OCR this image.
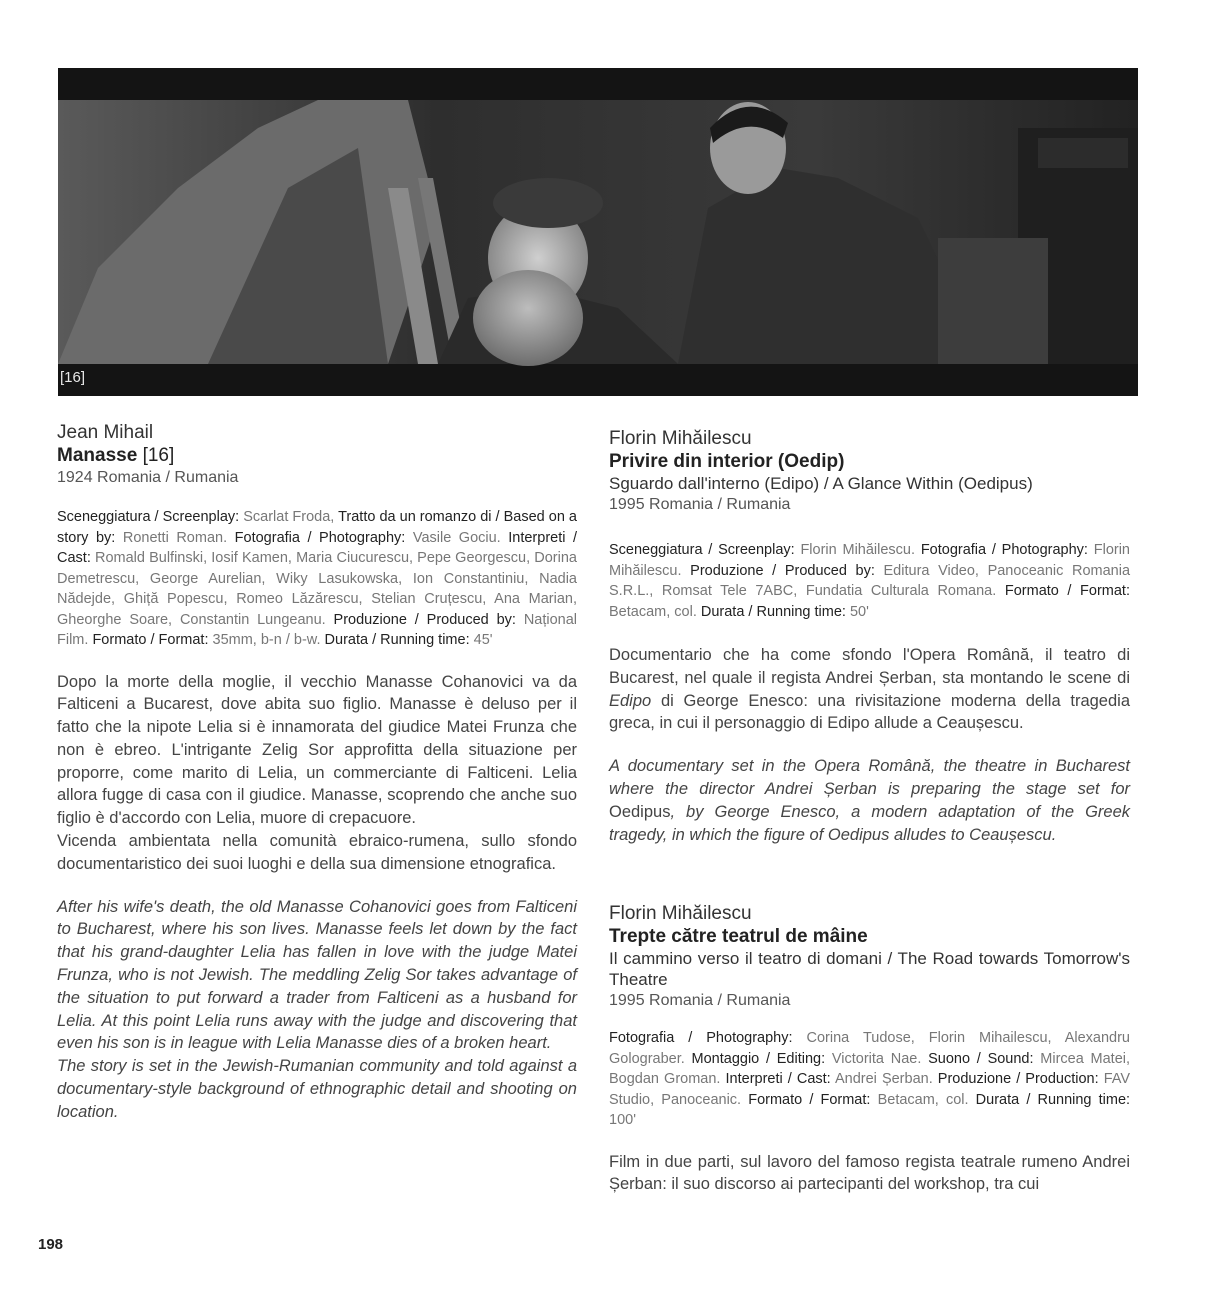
[16]
Jean Mihail
Manasse [16]
1924 Romania / Rumania
Sceneggiatura / Screenplay: Scarlat Froda, Tratto da un romanzo di / Based on a story by: Ronetti Roman. Fotografia / Photography: Vasile Gociu. Interpreti / Cast: Romald Bulfinski, Iosif Kamen, Maria Ciucurescu, Pepe Georgescu, Dorina Demetrescu, George Aurelian, Wiky Lasukowska, Ion Constantiniu, Nadia Nădejde, Ghiță Popescu, Romeo Lăzărescu, Stelian Cruțescu, Ana Marian, Gheorghe Soare, Constantin Lungeanu. Produzione / Produced by: Național Film. Formato / Format: 35mm, b-n / b-w. Durata / Running time: 45'

Dopo la morte della moglie, il vecchio Manasse Cohanovici va da Falticeni a Bucarest, dove abita suo figlio. Manasse è deluso per il fatto che la nipote Lelia si è innamorata del giudice Matei Frunza che non è ebreo. L'intrigante Zelig Sor approfitta della situazione per proporre, come marito di Lelia, un commerciante di Falticeni. Lelia allora fugge di casa con il giudice. Manasse, scoprendo che anche suo figlio è d'accordo con Lelia, muore di crepacuore.

Vicenda ambientata nella comunità ebraico-rumena, sullo sfondo documentaristico dei suoi luoghi e della sua dimensione etnografica.

After his wife's death, the old Manasse Cohanovici goes from Falticeni to Bucharest, where his son lives. Manasse feels let down by the fact that his grand-daughter Lelia has fallen in love with the judge Matei Frunza, who is not Jewish. The meddling Zelig Sor takes advantage of the situation to put forward a trader from Falticeni as a husband for Lelia. At this point Lelia runs away with the judge and discovering that even his son is in league with Lelia Manasse dies of a broken heart.

The story is set in the Jewish-Rumanian community and told against a documentary-style background of ethnographic detail and shooting on location.

Florin Mihăilescu
Privire din interior (Oedip)
Sguardo dall'interno (Edipo) / A Glance Within (Oedipus)
1995 Romania / Rumania
Sceneggiatura / Screenplay: Florin Mihăilescu. Fotografia / Photography: Florin Mihăilescu. Produzione / Produced by: Editura Video, Panoceanic Romania S.R.L., Romsat Tele 7ABC, Fundatia Culturala Romana. Formato / Format: Betacam, col. Durata / Running time: 50'

Documentario che ha come sfondo l'Opera Română, il teatro di Bucarest, nel quale il regista Andrei Șerban, sta montando le scene di Edipo di George Enesco: una rivisitazione moderna della tragedia greca, in cui il personaggio di Edipo allude a Ceaușescu.

A documentary set in the Opera Română, the theatre in Bucharest where the director Andrei Șerban is preparing the stage set for Oedipus, by George Enesco, a modern adaptation of the Greek tragedy, in which the figure of Oedipus alludes to Ceaușescu.

Florin Mihăilescu
Trepte către teatrul de mâine
Il cammino verso il teatro di domani / The Road towards Tomorrow's Theatre
1995 Romania / Rumania
Fotografia / Photography: Corina Tudose, Florin Mihailescu, Alexandru Golograber. Montaggio / Editing: Victorita Nae. Suono / Sound: Mircea Matei, Bogdan Groman. Interpreti / Cast: Andrei Șerban. Produzione / Production: FAV Studio, Panoceanic. Formato / Format: Betacam, col. Durata / Running time: 100'

Film in due parti, sul lavoro del famoso regista teatrale rumeno Andrei Șerban: il suo discorso ai partecipanti del workshop, tra cui

198
